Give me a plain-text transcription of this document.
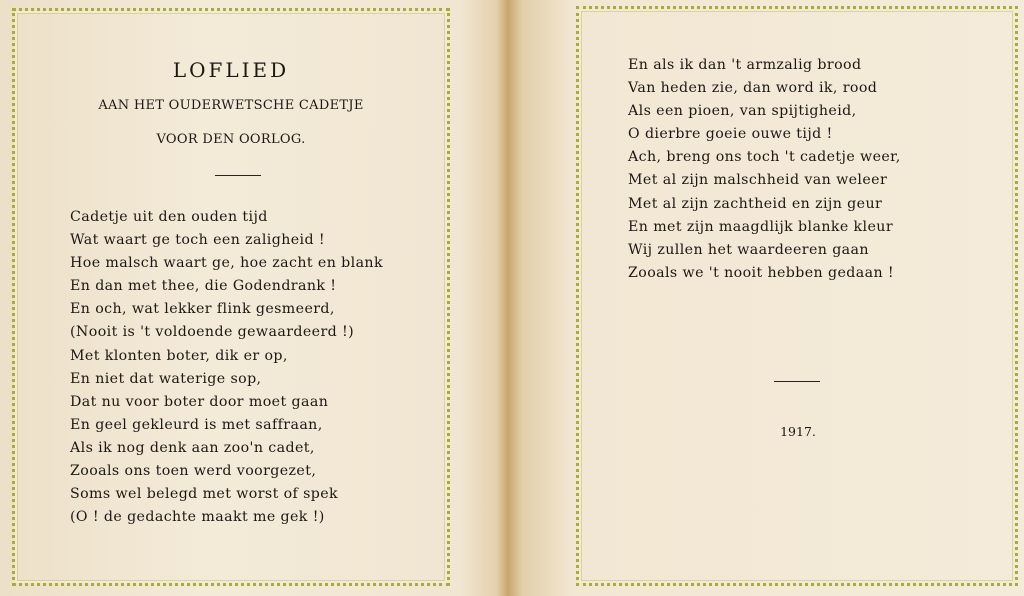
LOFLIED

AAN HET OUDERWETSCHE CADETJE

VOOR DEN OORLOG.

Cadetje uit den ouden tijd
Wat waart ge toch een zaligheid !
Hoe malsch waart ge, hoe zacht en blank
En dan met thee, die Godendrank !
En och, wat lekker flink gesmeerd,
(Nooit is 't voldoende gewaardeerd !)
Met klonten boter, dik er op,
En niet dat waterige sop,
Dat nu voor boter door moet gaan
En geel gekleurd is met saffraan,
Als ik nog denk aan zoo'n cadet,
Zooals ons toen werd voorgezet,
Soms wel belegd met worst of spek
(O ! de gedachte maakt me gek !)
En als ik dan 't armzalig brood
Van heden zie, dan word ik, rood
Als een pioen, van spijtigheid,
O dierbre goeie ouwe tijd !
Ach, breng ons toch 't cadetje weer,
Met al zijn malschheid van weleer
Met al zijn zachtheid en zijn geur
En met zijn maagdlijk blanke kleur
Wij zullen het waardeeren gaan
Zooals we 't nooit hebben gedaan !
1917.
